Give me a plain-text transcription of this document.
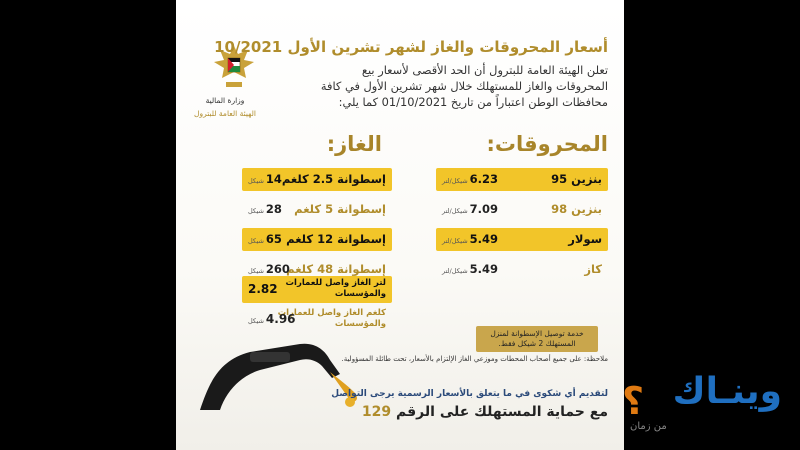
وزارة المالية
الهيئة العامة للبترول
أسعار المحروقات والغاز لشهر تشرين الأول 10/2021
تعلن الهيئة العامة للبترول أن الحد الأقصى لأسعار بيع المحروقات والغاز للمستهلك خلال شهر تشرين الأول في كافة محافظات الوطن اعتباراً من تاريخ 01/10/2021 كما يلي:
المحروقات:
بنزين 95
6.23شيكل/لتر
بنزين 98
7.09شيكل/لتر
سولار
5.49شيكل/لتر
كاز
5.49شيكل/لتر
الغاز:
إسطوانة 2.5 كلغم
14شيكل
إسطوانة 5 كلغم
28شيكل
إسطوانة 12 كلغم
65شيكل
إسطوانة 48 كلغم
260شيكل
لتر الغاز واصل للعمارات والمؤسسات
2.82
كلغم الغاز واصل للعمارات والمؤسسات
4.96شيكل
خدمة توصيل الإسطوانة لمنزل المستهلك 2 شيكل فقط.
ملاحظة: على جميع أصحاب المحطات وموزعي الغاز الإلتزام بالأسعار، تحت طائلة المسؤولية.
لتقديم أي شكوى في ما يتعلق بالأسعار الرسمية يرجى التواصل
مع حماية المستهلك على الرقم 129	؟ وينـاك
من زمان
